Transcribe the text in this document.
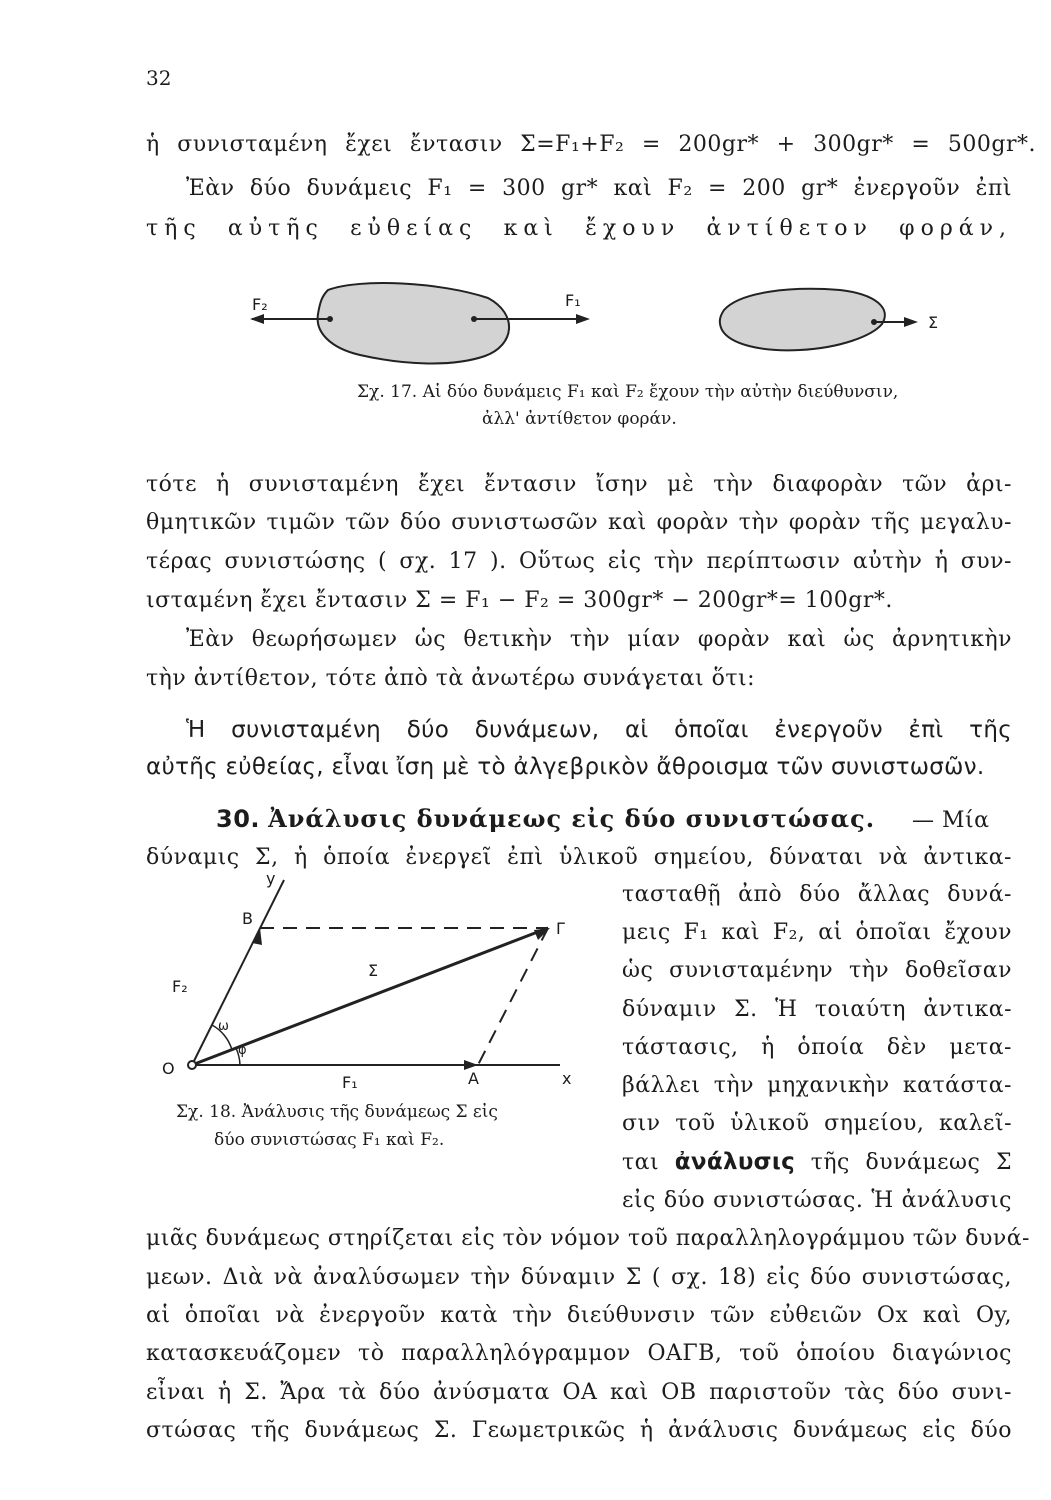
32
ἡ συνισταμένη ἔχει ἔντασιν Σ=F₁+F₂ = 200gr* + 300gr* = 500gr*.
Ἐὰν δύο δυνάμεις F₁ = 300 gr* καὶ F₂ = 200 gr* ἐνεργοῦν ἐπὶ
τῆς αὐτῆς εὐθείας καὶ ἔχουν ἀντίθετον φοράν,
F₂	F₁
Σ
Σχ. 17. Αἱ δύο δυνάμεις F₁ καὶ F₂ ἔχουν τὴν αὐτὴν διεύθυνσιν,
ἀλλ' ἀντίθετον φοράν.
τότε ἡ συνισταμένη ἔχει ἔντασιν ἴσην μὲ τὴν διαφορὰν τῶν ἀρι-
θμητικῶν τιμῶν τῶν δύο συνιστωσῶν καὶ φορὰν τὴν φορὰν τῆς μεγαλυ-
τέρας συνιστώσης ( σχ. 17 ). Οὕτως εἰς τὴν περίπτωσιν αὐτὴν ἡ συν-
ισταμένη ἔχει ἔντασιν Σ = F₁ − F₂ = 300gr* − 200gr*= 100gr*.
Ἐὰν θεωρήσωμεν ὡς θετικὴν τὴν μίαν φορὰν καὶ ὡς ἀρνητικὴν
τὴν ἀντίθετον, τότε ἀπὸ τὰ ἀνωτέρω συνάγεται ὅτι:
Ἡ συνισταμένη δύο δυνάμεων, αἱ ὁποῖαι ἐνεργοῦν ἐπὶ τῆς
αὐτῆς εὐθείας, εἶναι ἴση μὲ τὸ ἀλγεβρικὸν ἄθροισμα τῶν συνιστωσῶν.
30. Ἀνάλυσις δυνάμεως εἰς δύο συνιστώσας. — Μία
δύναμις Σ, ἡ ὁποία ἐνεργεῖ ἐπὶ ὑλικοῦ σημείου, δύναται νὰ ἀντικα-
y
B
Γ
F₂
Σ
ω
φ
O
F₁	A	x
Σχ. 18. Ἀνάλυσις τῆς δυνάμεως Σ εἰς
δύο συνιστώσας F₁ καὶ F₂.
τασταθῇ ἀπὸ δύο ἄλλας δυνά-
μεις F₁ καὶ F₂, αἱ ὁποῖαι ἔχουν
ὡς συνισταμένην τὴν δοθεῖσαν
δύναμιν Σ. Ἡ τοιαύτη ἀντικα-
τάστασις, ἡ ὁποία δὲν μετα-
βάλλει τὴν μηχανικὴν κατάστα-
σιν τοῦ ὑλικοῦ σημείου, καλεῖ-
ται ἀνάλυσις τῆς δυνάμεως Σ
εἰς δύο συνιστώσας. Ἡ ἀνάλυσις
μιᾶς δυνάμεως στηρίζεται εἰς τὸν νόμον τοῦ παραλληλογράμμου τῶν δυνά-
μεων. Διὰ νὰ ἀναλύσωμεν τὴν δύναμιν Σ ( σχ. 18) εἰς δύο συνιστώσας,
αἱ ὁποῖαι νὰ ἐνεργοῦν κατὰ τὴν διεύθυνσιν τῶν εὐθειῶν Ox καὶ Oy,
κατασκευάζομεν τὸ παραλληλόγραμμον ΟΑΓΒ, τοῦ ὁποίου διαγώνιος
εἶναι ἡ Σ. Ἄρα τὰ δύο ἀνύσματα ΟΑ καὶ ΟΒ παριστοῦν τὰς δύο συνι-
στώσας τῆς δυνάμεως Σ. Γεωμετρικῶς ἡ ἀνάλυσις δυνάμεως εἰς δύο
